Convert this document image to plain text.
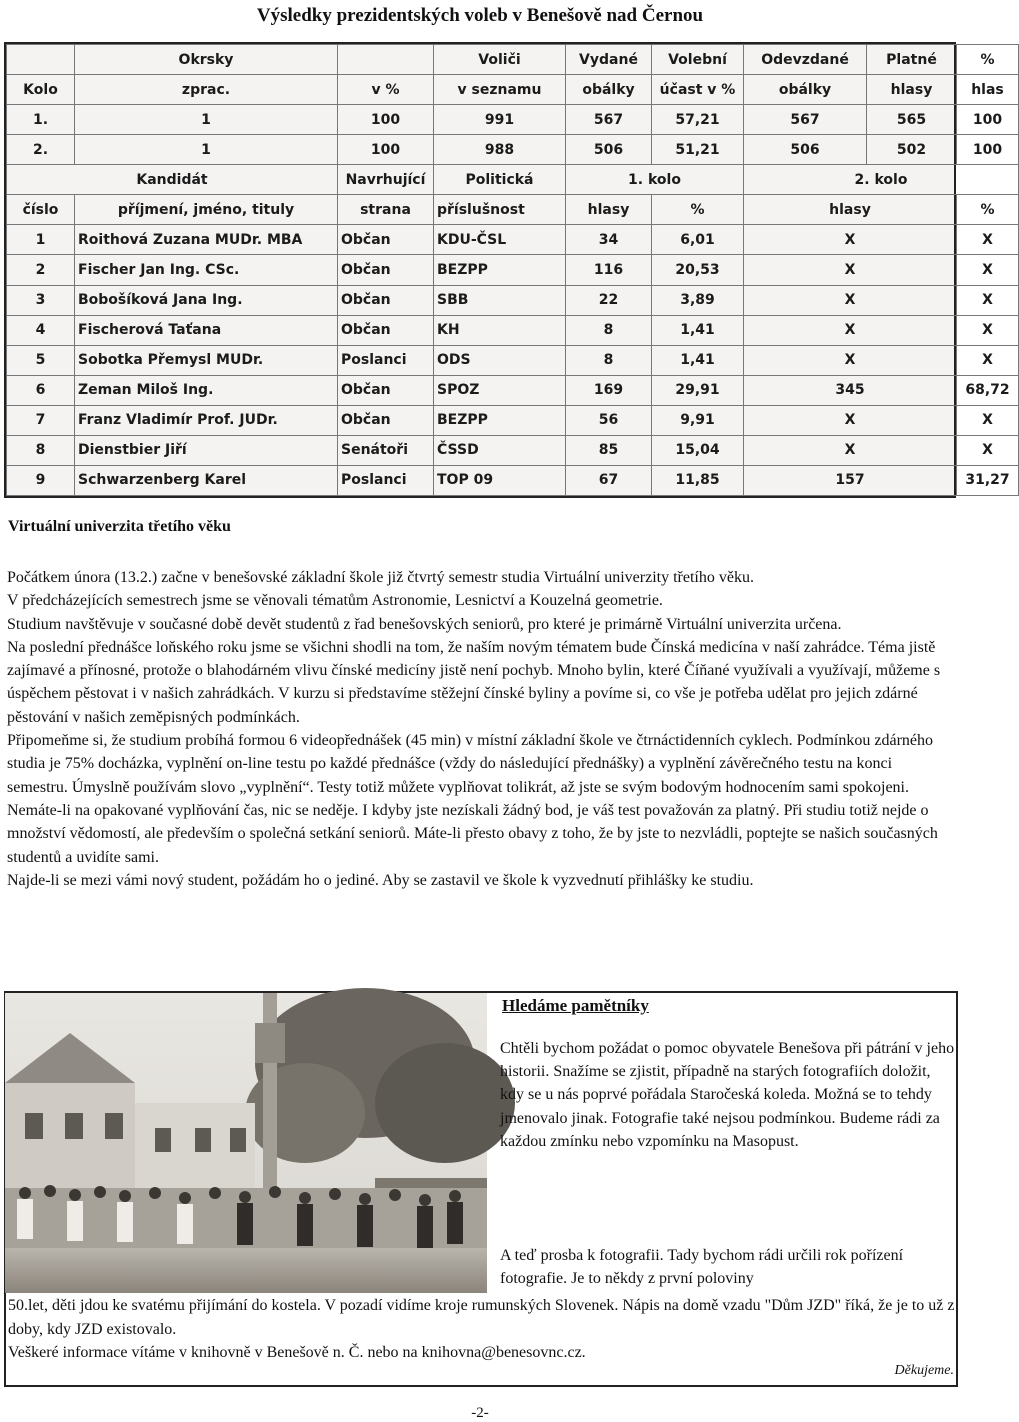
Výsledky prezidentských voleb v Benešově nad Černou
	Okrsky		Voliči	Vydané	Volební	Odevzdané	Platné	%
Kolo	zprac.	v %	v seznamu	obálky	účast v %	obálky	hlasy	hlas
1.	1	100	991	567	57,21	567	565	100
2.	1	100	988	506	51,21	506	502	100
Kandidát		Navrhující	Politická	1. kolo		2. kolo		
číslo	příjmení, jméno, tituly	strana	příslušnost	hlasy	%	hlasy		%
1	Roithová Zuzana MUDr. MBA	Občan	KDU-ČSL	34	6,01	X		X
2	Fischer Jan Ing. CSc.	Občan	BEZPP	116	20,53	X		X
3	Bobošíková Jana Ing.	Občan	SBB	22	3,89	X		X
4	Fischerová Taťana	Občan	KH	8	1,41	X		X
5	Sobotka Přemysl MUDr.	Poslanci	ODS	8	1,41	X		X
6	Zeman Miloš Ing.	Občan	SPOZ	169	29,91	345		68,72
7	Franz Vladimír Prof. JUDr.	Občan	BEZPP	56	9,91	X		X
8	Dienstbier Jiří	Senátoři	ČSSD	85	15,04	X		X
9	Schwarzenberg Karel	Poslanci	TOP 09	67	11,85	157		31,27
Virtuální univerzita třetího věku

Počátkem února (13.2.) začne v benešovské základní škole již čtvrtý semestr studia Virtuální univerzity třetího věku.

V předcházejících semestrech jsme se věnovali tématům Astronomie, Lesnictví a Kouzelná geometrie.

Studium navštěvuje v současné době devět studentů z řad benešovských seniorů, pro které je primárně Virtuální univerzita určena.

Na poslední přednášce loňského roku jsme se všichni shodli na tom, že naším novým tématem bude Čínská medicína v naší zahrádce. Téma jistě zajímavé a přínosné, protože o blahodárném vlivu čínské medicíny jistě není pochyb. Mnoho bylin, které Číňané využívali a využívají, můžeme s úspěchem pěstovat i v našich zahrádkách. V kurzu si představíme stěžejní čínské byliny a povíme si, co vše je potřeba udělat pro jejich zdárné pěstování v našich zeměpisných podmínkách.

Připomeňme si, že studium probíhá formou 6 videopřednášek (45 min) v místní základní škole ve čtrnáctidenních cyklech. Podmínkou zdárného studia je 75% docházka, vyplnění on-line testu po každé přednášce (vždy do následující přednášky) a vyplnění závěrečného testu na konci semestru. Úmyslně používám slovo „vyplnění“. Testy totiž můžete vyplňovat tolikrát, až jste se svým bodovým hodnocením sami spokojeni. Nemáte-li na opakované vyplňování čas, nic se neděje. I kdyby jste nezískali žádný bod, je váš test považován za platný. Při studiu totiž nejde o množství vědomostí, ale především o společná setkání seniorů. Máte-li přesto obavy z toho, že by jste to nezvládli, poptejte se našich současných studentů a uvidíte sami.

Najde-li se mezi vámi nový student, požádám ho o jediné. Aby se zastavil ve škole k vyzvednutí přihlášky ke studiu.

Hledáme pamětníky
Chtěli bychom požádat o pomoc obyvatele Benešova při pátrání v jeho historii. Snažíme se zjistit, případně na starých fotografiích doložit, kdy se u nás poprvé pořádala Staročeská koleda. Možná se to tehdy jmenovalo jinak. Fotografie také nejsou podmínkou. Budeme rádi za každou zmínku nebo vzpomínku na Masopust.
A teď prosba k fotografii. Tady bychom rádi určili rok pořízení fotografie. Je to někdy z první poloviny
50.let, děti jdou ke svatému přijímání do kostela. V pozadí vidíme kroje rumunských Slovenek. Nápis na domě vzadu "Dům JZD" říká, že je to už z doby, kdy JZD existovalo.
Veškeré informace vítáme v knihovně v Benešově n. Č. nebo na knihovna@benesovnc.cz.
Děkujeme.
-2-
